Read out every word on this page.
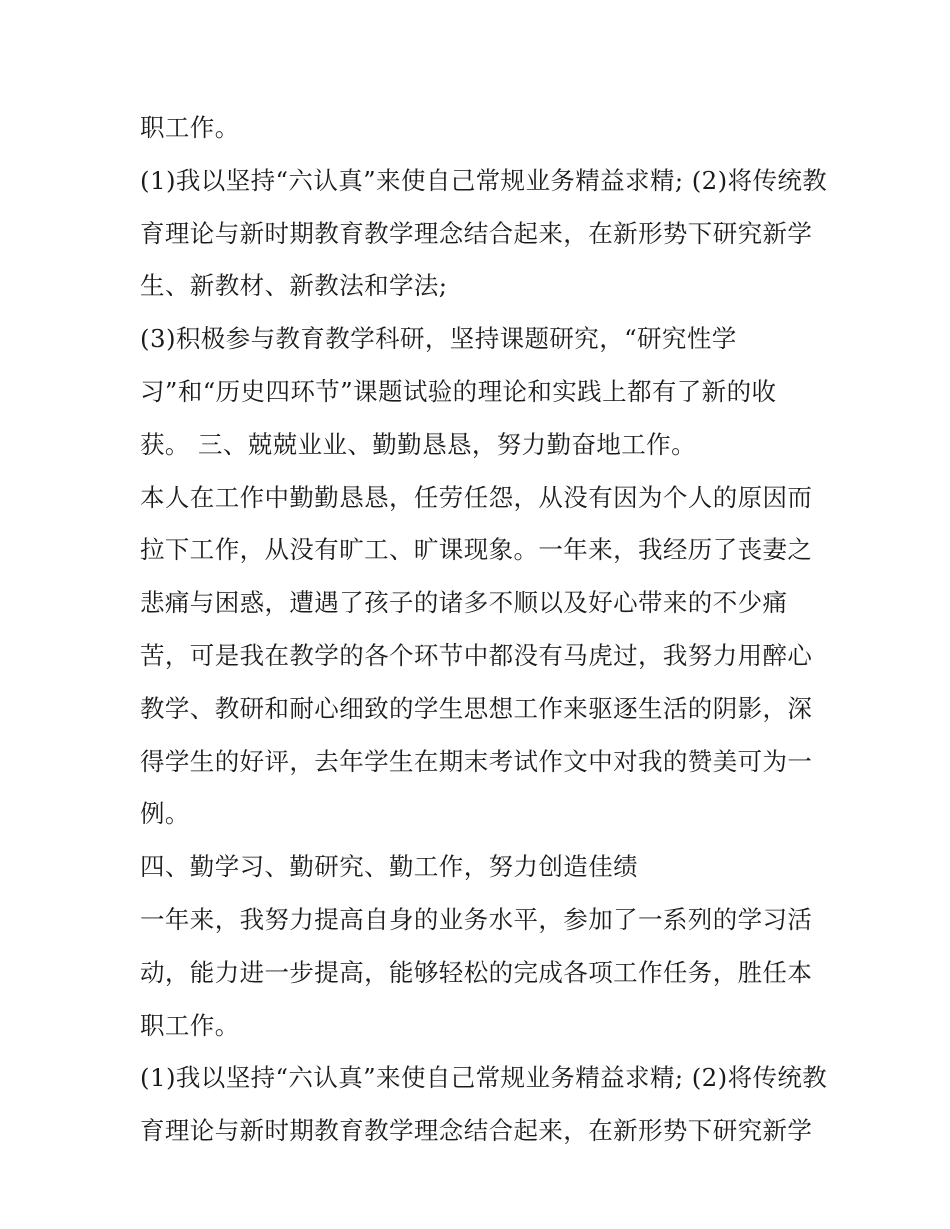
职工作。
(1)我以坚持“六认真”来使自己常规业务精益求精; (2)将传统教
育理论与新时期教育教学理念结合起来，在新形势下研究新学
生、新教材、新教法和学法;
(3)积极参与教育教学科研，坚持课题研究，“研究性学
习”和“历史四环节”课题试验的理论和实践上都有了新的收
获。 三、兢兢业业、勤勤恳恳，努力勤奋地工作。
本人在工作中勤勤恳恳，任劳任怨，从没有因为个人的原因而
拉下工作，从没有旷工、旷课现象。一年来，我经历了丧妻之
悲痛与困惑，遭遇了孩子的诸多不顺以及好心带来的不少痛
苦，可是我在教学的各个环节中都没有马虎过，我努力用醉心
教学、教研和耐心细致的学生思想工作来驱逐生活的阴影，深
得学生的好评，去年学生在期末考试作文中对我的赞美可为一
例。
四、勤学习、勤研究、勤工作，努力创造佳绩
一年来，我努力提高自身的业务水平，参加了一系列的学习活
动，能力进一步提高，能够轻松的完成各项工作任务，胜任本
职工作。
(1)我以坚持“六认真”来使自己常规业务精益求精; (2)将传统教
育理论与新时期教育教学理念结合起来，在新形势下研究新学
